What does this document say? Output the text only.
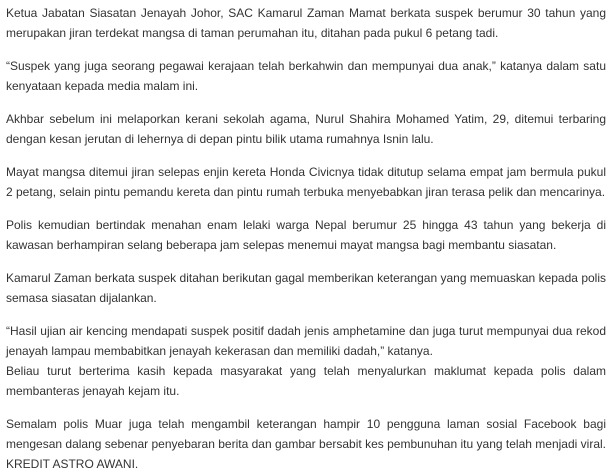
Ketua Jabatan Siasatan Jenayah Johor, SAC Kamarul Zaman Mamat berkata suspek berumur 30 tahun yang merupakan jiran terdekat mangsa di taman perumahan itu, ditahan pada pukul 6 petang tadi.

“Suspek yang juga seorang pegawai kerajaan telah berkahwin dan mempunyai dua anak,” katanya dalam satu kenyataan kepada media malam ini.

Akhbar sebelum ini melaporkan kerani sekolah agama, Nurul Shahira Mohamed Yatim, 29, ditemui terbaring dengan kesan jerutan di lehernya di depan pintu bilik utama rumahnya Isnin lalu.

Mayat mangsa ditemui jiran selepas enjin kereta Honda Civicnya tidak ditutup selama empat jam bermula pukul 2 petang, selain pintu pemandu kereta dan pintu rumah terbuka menyebabkan jiran terasa pelik dan mencarinya.

Polis kemudian bertindak menahan enam lelaki warga Nepal berumur 25 hingga 43 tahun yang bekerja di kawasan berhampiran selang beberapa jam selepas menemui mayat mangsa bagi membantu siasatan.

Kamarul Zaman berkata suspek ditahan berikutan gagal memberikan keterangan yang memuaskan kepada polis semasa siasatan dijalankan.

“Hasil ujian air kencing mendapati suspek positif dadah jenis amphetamine dan juga turut mempunyai dua rekod jenayah lampau membabitkan jenayah kekerasan dan memiliki dadah,” katanya.

Beliau turut berterima kasih kepada masyarakat yang telah menyalurkan maklumat kepada polis dalam membanteras jenayah kejam itu.

Semalam polis Muar juga telah mengambil keterangan hampir 10 pengguna laman sosial Facebook bagi mengesan dalang sebenar penyebaran berita dan gambar bersabit kes pembunuhan itu yang telah menjadi viral. KREDIT ASTRO AWANI.
